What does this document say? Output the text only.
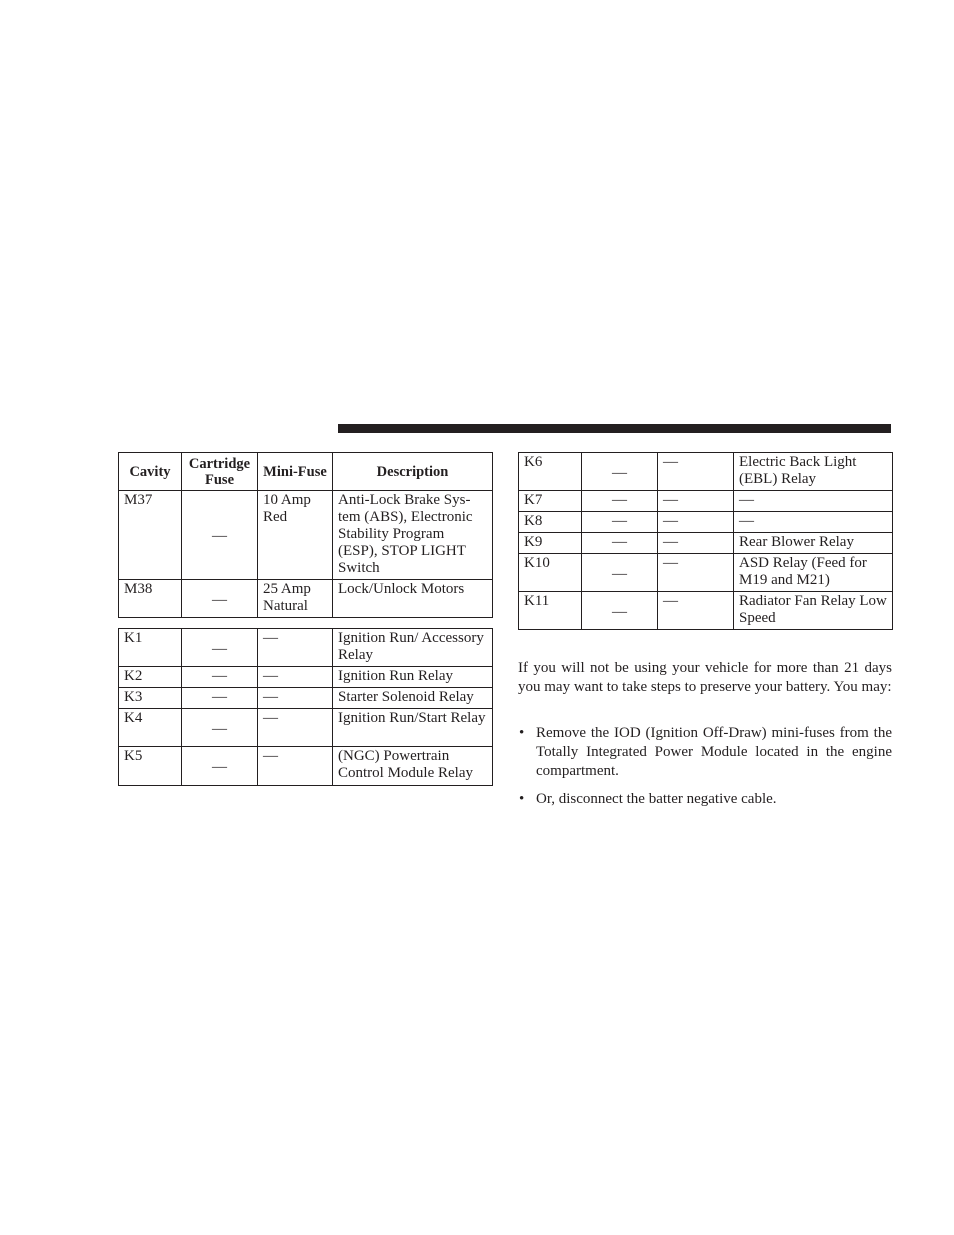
Cavity	Cartridge Fuse	Mini-Fuse	Description
M37	—	10 Amp Red	Anti-Lock Brake Sys-tem (ABS), Electronic Stability Program (ESP), STOP LIGHT Switch
M38	—	25 Amp Natural	Lock/Unlock Motors
K1	—	—	Ignition Run/ Accessory Relay
K2	—	—	Ignition Run Relay
K3	—	—	Starter Solenoid Relay
K4	—	—	Ignition Run/Start Relay
K5	—	—	(NGC) Powertrain Control Module Relay
K6	—	—	Electric Back Light (EBL) Relay
K7	—	—	—
K8	—	—	—
K9	—	—	Rear Blower Relay
K10	—	—	ASD Relay (Feed for M19 and M21)
K11	—	—	Radiator Fan Relay Low Speed

If you will not be using your vehicle for more than 21 days you may want to take steps to preserve your battery. You may:

• Remove the IOD (Ignition Off-Draw) mini-fuses from the Totally Integrated Power Module located in the engine compartment.
• Or, disconnect the batter negative cable.
